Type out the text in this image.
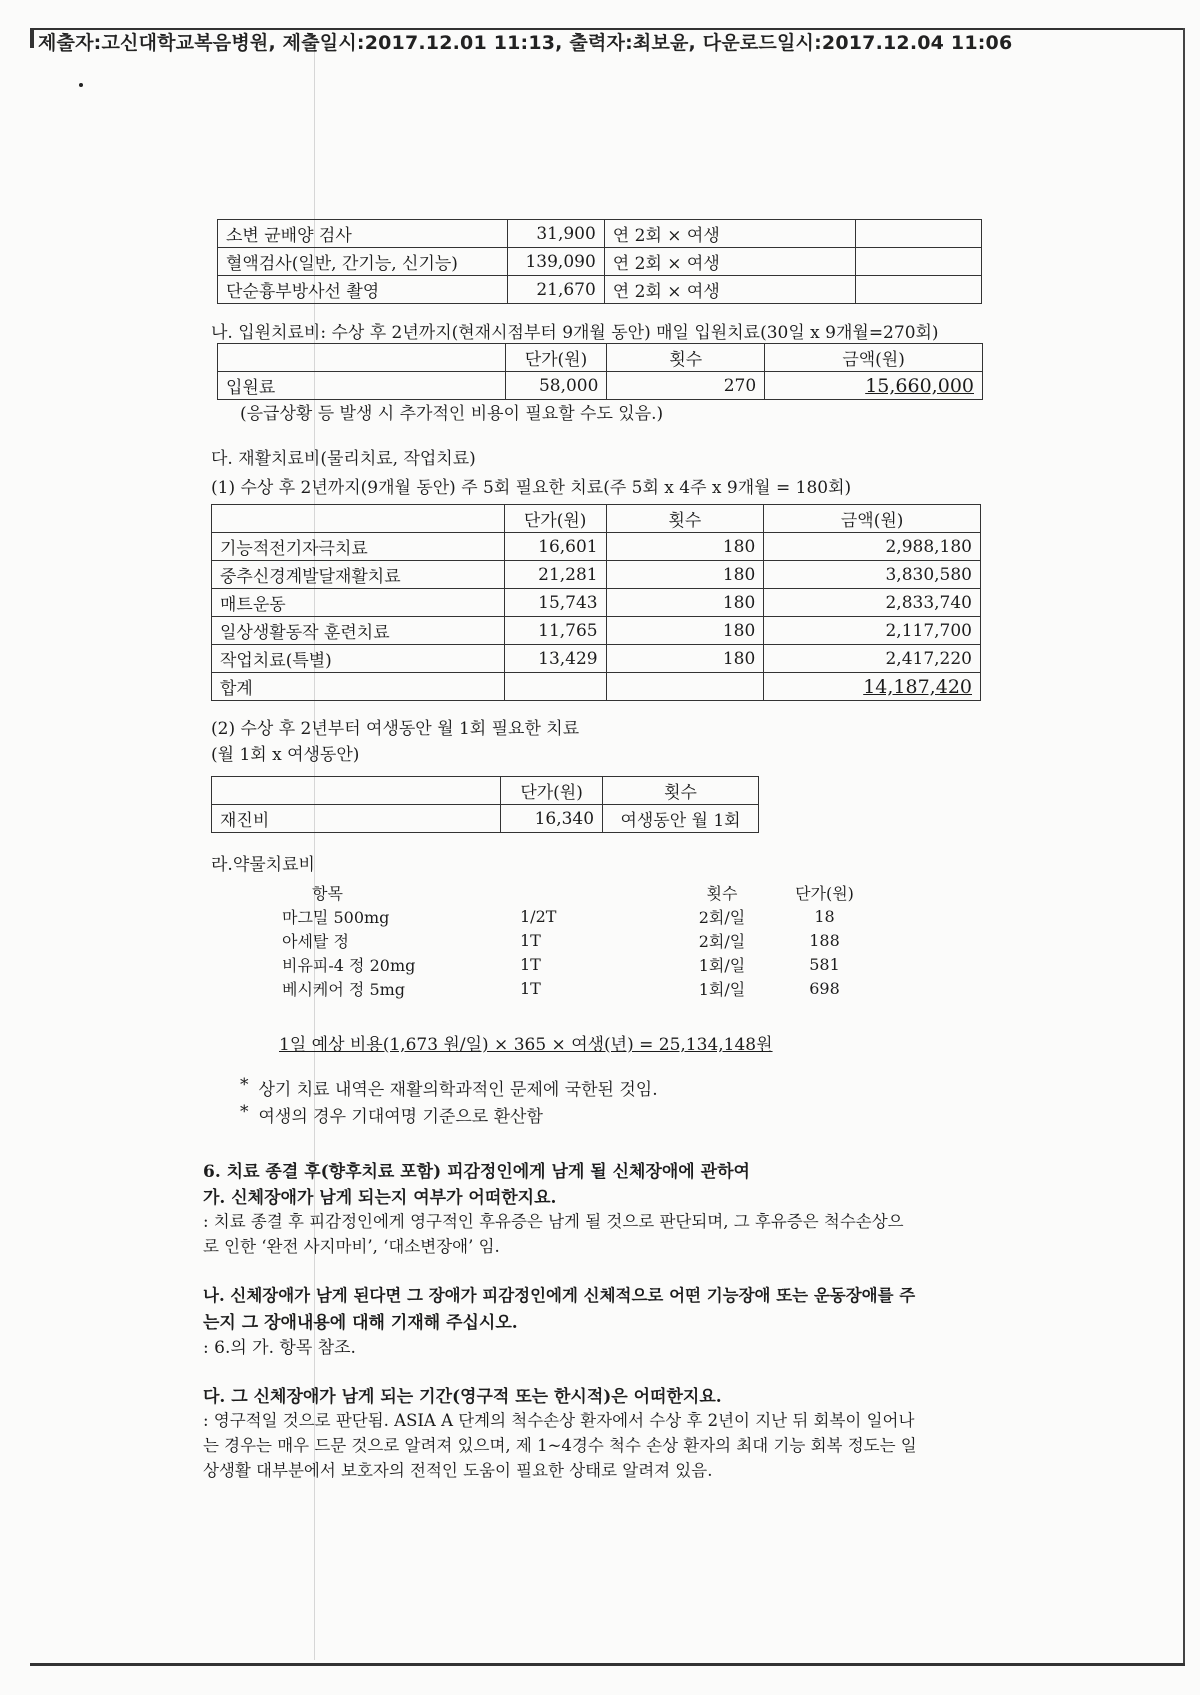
제출자:고신대학교복음병원, 제출일시:2017.12.01 11:13, 출력자:최보윤, 다운로드일시:2017.12.04 11:06
소변 균배양 검사	31,900	연 2회 × 여생	
혈액검사(일반, 간기능, 신기능)	139,090	연 2회 × 여생	
단순흉부방사선 촬영	21,670	연 2회 × 여생	
나. 입원치료비: 수상 후 2년까지(현재시점부터 9개월 동안) 매일 입원치료(30일 x 9개월=270회)
	단가(원)	횟수	금액(원)
입원료	58,000	270	15,660,000
(응급상황 등 발생 시 추가적인 비용이 필요할 수도 있음.)
다. 재활치료비(물리치료, 작업치료)
(1) 수상 후 2년까지(9개월 동안) 주 5회 필요한 치료(주 5회 x 4주 x 9개월 = 180회)
	단가(원)	횟수	금액(원)
기능적전기자극치료	16,601	180	2,988,180
중추신경계발달재활치료	21,281	180	3,830,580
매트운동	15,743	180	2,833,740
일상생활동작 훈련치료	11,765	180	2,117,700
작업치료(특별)	13,429	180	2,417,220
합계			14,187,420
(2) 수상 후 2년부터 여생동안 월 1회 필요한 치료
(월 1회 x 여생동안)
	단가(원)	횟수
재진비	16,340	여생동안 월 1회
라.약물치료비
항목		횟수	단가(원)
마그밀 500mg	1/2T	2회/일	18
아세탈 정	1T	2회/일	188
비유피-4 정 20mg	1T	1회/일	581
베시케어 정 5mg	1T	1회/일	698
1일 예상 비용(1,673 원/일) × 365 × 여생(년) = 25,134,148원
* 상기 치료 내역은 재활의학과적인 문제에 국한된 것임.
* 여생의 경우 기대여명 기준으로 환산함
6. 치료 종결 후(향후치료 포함) 피감정인에게 남게 될 신체장애에 관하여
가. 신체장애가 남게 되는지 여부가 어떠한지요.
: 치료 종결 후 피감정인에게 영구적인 후유증은 남게 될 것으로 판단되며, 그 후유증은 척수손상으
로 인한 ‘완전 사지마비’, ‘대소변장애’ 임.
나. 신체장애가 남게 된다면 그 장애가 피감정인에게 신체적으로 어떤 기능장애 또는 운동장애를 주
는지 그 장애내용에 대해 기재해 주십시오.
: 6.의 가. 항목 참조.
다. 그 신체장애가 남게 되는 기간(영구적 또는 한시적)은 어떠한지요.
: 영구적일 것으로 판단됨. ASIA A 단계의 척수손상 환자에서 수상 후 2년이 지난 뒤 회복이 일어나
는 경우는 매우 드문 것으로 알려져 있으며, 제 1~4경수 척수 손상 환자의 최대 기능 회복 정도는 일
상생활 대부분에서 보호자의 전적인 도움이 필요한 상태로 알려져 있음.
